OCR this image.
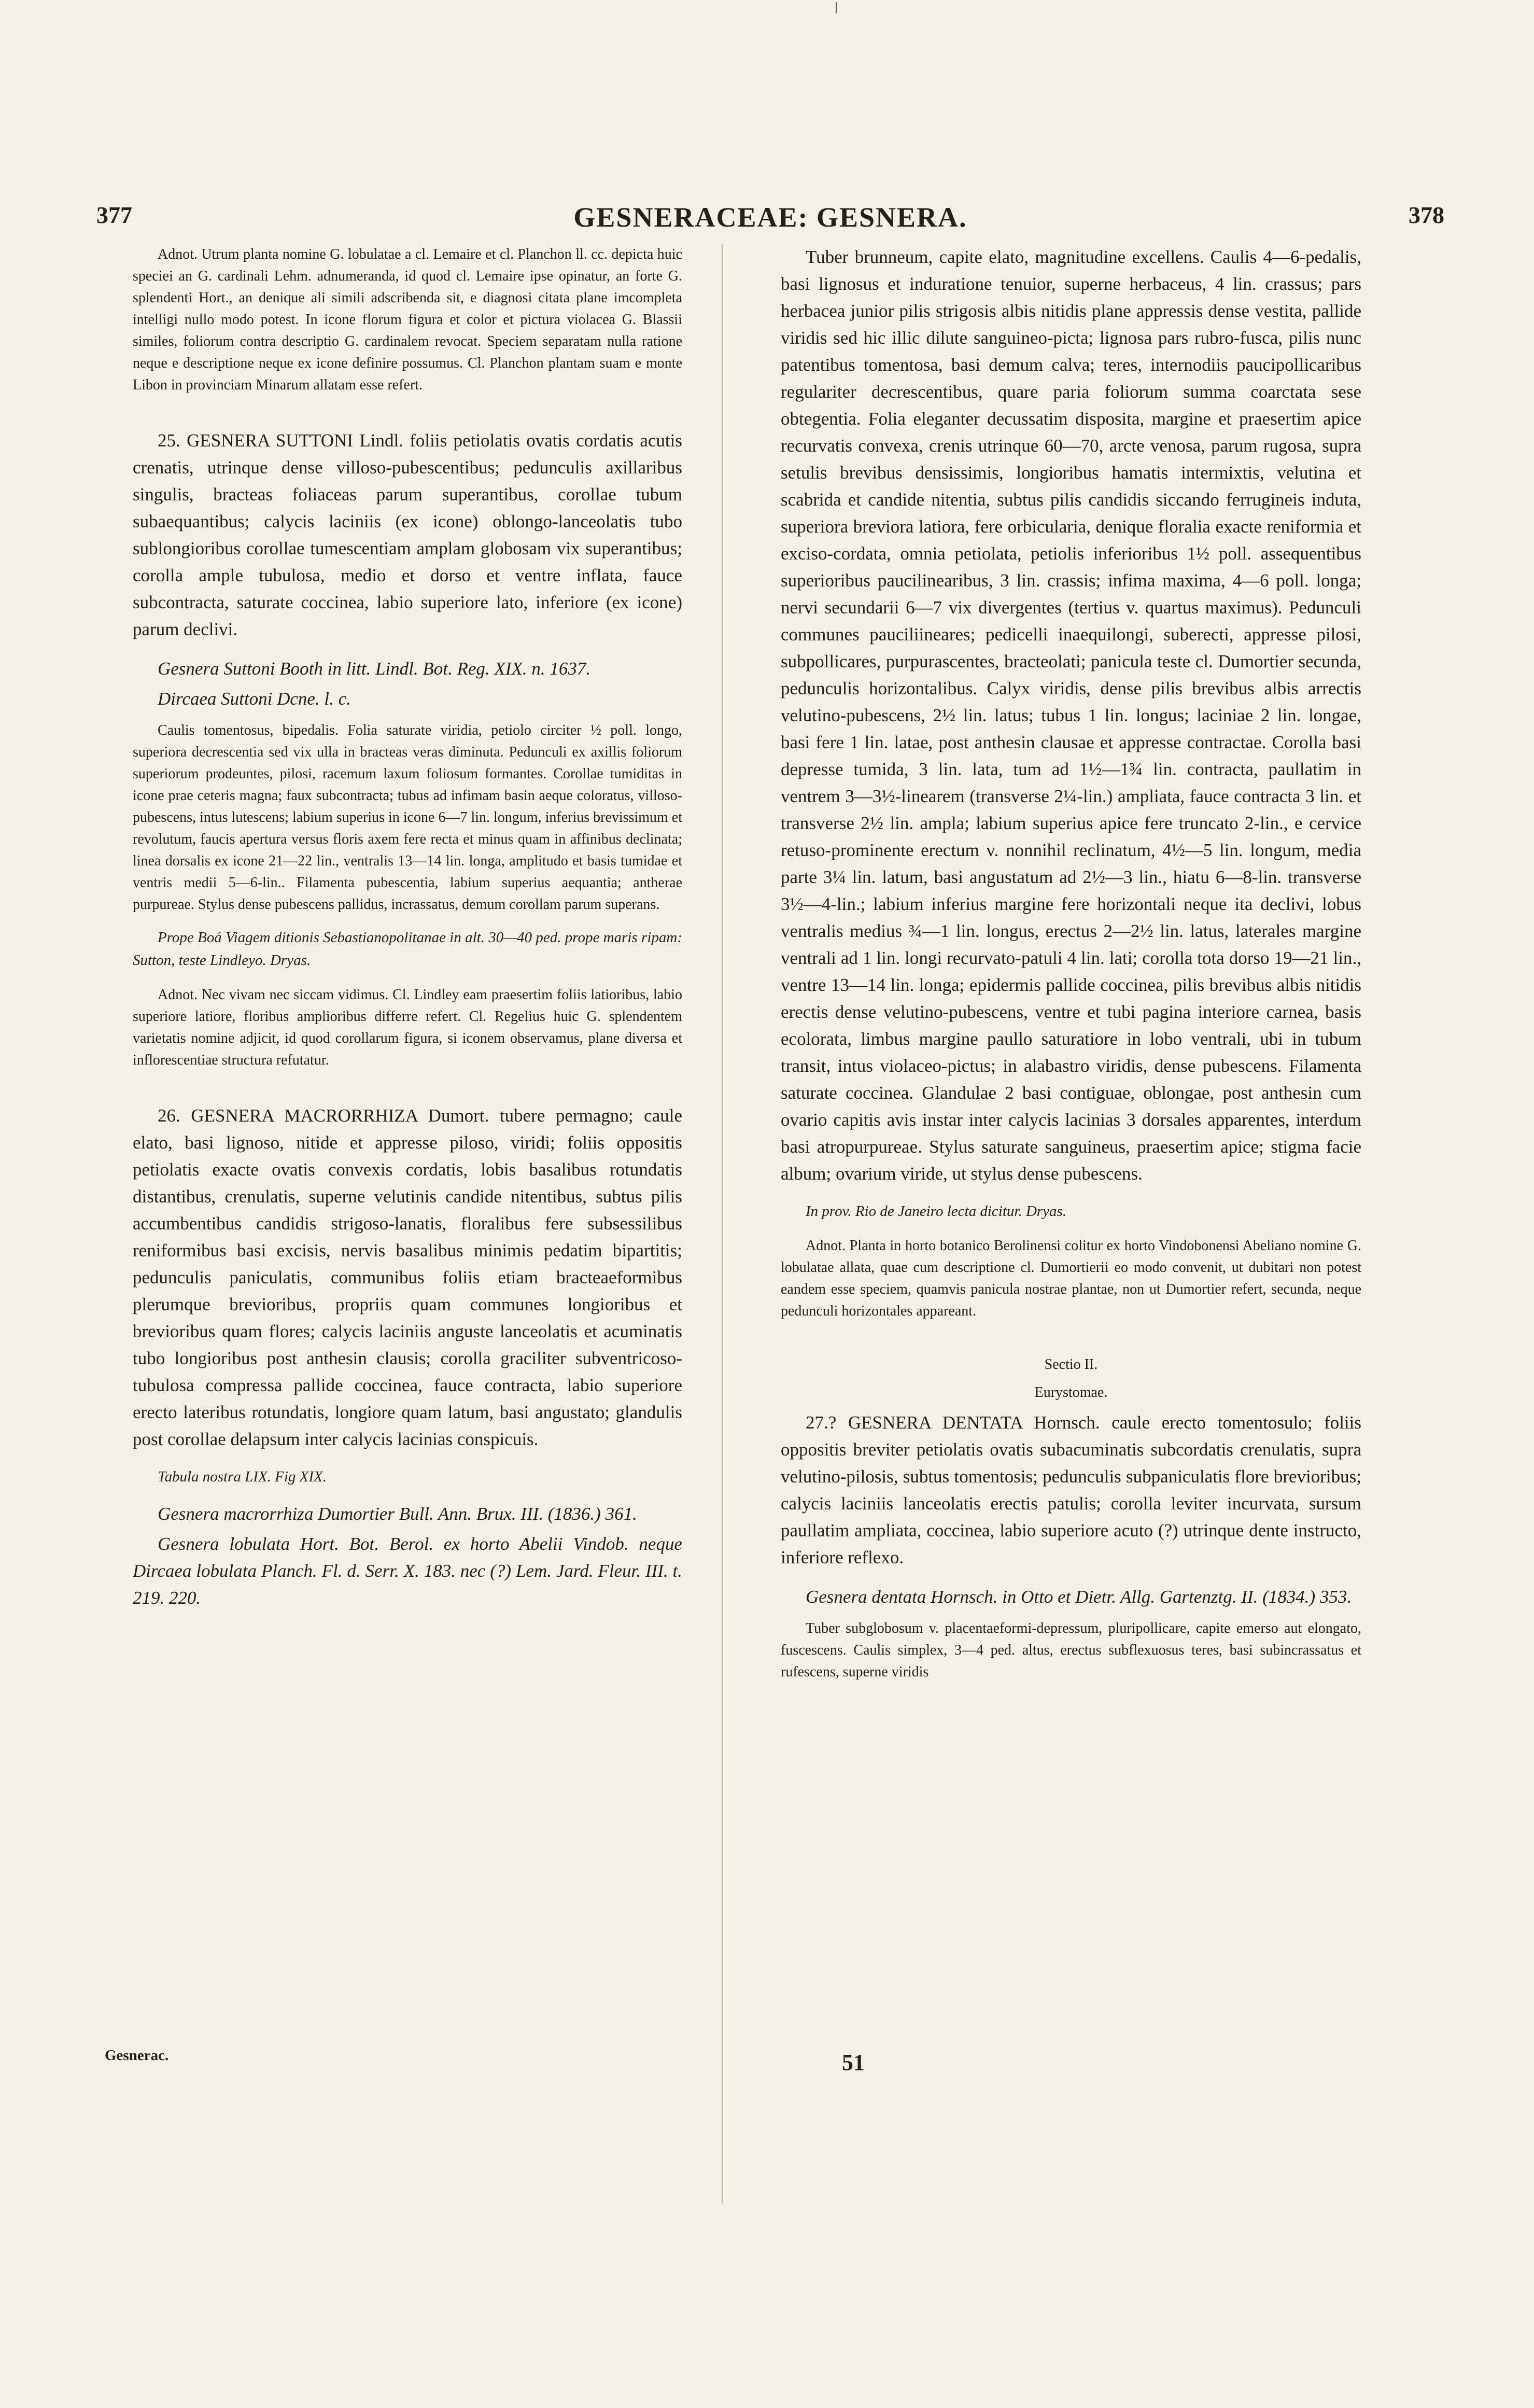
377	GESNERACEAE: GESNERA.	378

Adnot. Utrum planta nomine G. lobulatae a cl. Lemaire et cl. Planchon ll. cc. depicta huic speciei an G. cardinali Lehm. adnumeranda, id quod cl. Lemaire ipse opinatur, an forte G. splendenti Hort., an denique ali simili adscribenda sit, e diagnosi citata plane imcompleta intelligi nullo modo potest. In icone florum figura et color et pictura violacea G. Blassii similes, foliorum contra descriptio G. cardinalem revocat. Speciem separatam nulla ratione neque e descriptione neque ex icone definire possumus. Cl. Planchon plantam suam e monte Libon in provinciam Minarum allatam esse refert.

25. GESNERA SUTTONI Lindl. foliis petiolatis ovatis cordatis acutis crenatis, utrinque dense villoso-pubescentibus; pedunculis axillaribus singulis, bracteas foliaceas parum superantibus, corollae tubum subaequantibus; calycis laciniis (ex icone) oblongo-lanceolatis tubo sublongioribus corollae tumescentiam amplam globosam vix superantibus; corolla ample tubulosa, medio et dorso et ventre inflata, fauce subcontracta, saturate coccinea, labio superiore lato, inferiore (ex icone) parum declivi.

Gesnera Suttoni Booth in litt. Lindl. Bot. Reg. XIX. n. 1637.

Dircaea Suttoni Dcne. l. c.

Caulis tomentosus, bipedalis. Folia saturate viridia, petiolo circiter ½ poll. longo, superiora decrescentia sed vix ulla in bracteas veras diminuta. Pedunculi ex axillis foliorum superiorum prodeuntes, pilosi, racemum laxum foliosum formantes. Corollae tumiditas in icone prae ceteris magna; faux subcontracta; tubus ad infimam basin aeque coloratus, villoso-pubescens, intus lutescens; labium superius in icone 6—7 lin. longum, inferius brevissimum et revolutum, faucis apertura versus floris axem fere recta et minus quam in affinibus declinata; linea dorsalis ex icone 21—22 lin., ventralis 13—14 lin. longa, amplitudo et basis tumidae et ventris medii 5—6-lin.. Filamenta pubescentia, labium superius aequantia; antherae purpureae. Stylus dense pubescens pallidus, incrassatus, demum corollam parum superans.

Prope Boá Viagem ditionis Sebastianopolitanae in alt. 30—40 ped. prope maris ripam: Sutton, teste Lindleyo. Dryas.

Adnot. Nec vivam nec siccam vidimus. Cl. Lindley eam praesertim foliis latioribus, labio superiore latiore, floribus amplioribus differre refert. Cl. Regelius huic G. splendentem varietatis nomine adjicit, id quod corollarum figura, si iconem observamus, plane diversa et inflorescentiae structura refutatur.

26. GESNERA MACRORRHIZA Dumort. tubere permagno; caule elato, basi lignoso, nitide et appresse piloso, viridi; foliis oppositis petiolatis exacte ovatis convexis cordatis, lobis basalibus rotundatis distantibus, crenulatis, superne velutinis candide nitentibus, subtus pilis accumbentibus candidis strigoso-lanatis, floralibus fere subsessilibus reniformibus basi excisis, nervis basalibus minimis pedatim bipartitis; pedunculis paniculatis, communibus foliis etiam bracteaeformibus plerumque brevioribus, propriis quam communes longioribus et brevioribus quam flores; calycis laciniis anguste lanceolatis et acuminatis tubo longioribus post anthesin clausis; corolla graciliter subventricoso-tubulosa compressa pallide coccinea, fauce contracta, labio superiore erecto lateribus rotundatis, longiore quam latum, basi angustato; glandulis post corollae delapsum inter calycis lacinias conspicuis.

Tabula nostra LIX. Fig XIX.

Gesnera macrorrhiza Dumortier Bull. Ann. Brux. III. (1836.) 361.

Gesnera lobulata Hort. Bot. Berol. ex horto Abelii Vindob. neque Dircaea lobulata Planch. Fl. d. Serr. X. 183. nec (?) Lem. Jard. Fleur. III. t. 219. 220.

Tuber brunneum, capite elato, magnitudine excellens. Caulis 4—6-pedalis, basi lignosus et induratione tenuior, superne herbaceus, 4 lin. crassus; pars herbacea junior pilis strigosis albis nitidis plane appressis dense vestita, pallide viridis sed hic illic dilute sanguineo-picta; lignosa pars rubro-fusca, pilis nunc patentibus tomentosa, basi demum calva; teres, internodiis paucipollicaribus regulariter decrescentibus, quare paria foliorum summa coarctata sese obtegentia. Folia eleganter decussatim disposita, margine et praesertim apice recurvatis convexa, crenis utrinque 60—70, arcte venosa, parum rugosa, supra setulis brevibus densissimis, longioribus hamatis intermixtis, velutina et scabrida et candide nitentia, subtus pilis candidis siccando ferrugineis induta, superiora breviora latiora, fere orbicularia, denique floralia exacte reniformia et exciso-cordata, omnia petiolata, petiolis inferioribus 1½ poll. assequentibus superioribus paucilinearibus, 3 lin. crassis; infima maxima, 4—6 poll. longa; nervi secundarii 6—7 vix divergentes (tertius v. quartus maximus). Pedunculi communes pauciliineares; pedicelli inaequilongi, suberecti, appresse pilosi, subpollicares, purpurascentes, bracteolati; panicula teste cl. Dumortier secunda, pedunculis horizontalibus. Calyx viridis, dense pilis brevibus albis arrectis velutino-pubescens, 2½ lin. latus; tubus 1 lin. longus; laciniae 2 lin. longae, basi fere 1 lin. latae, post anthesin clausae et appresse contractae. Corolla basi depresse tumida, 3 lin. lata, tum ad 1½—1¾ lin. contracta, paullatim in ventrem 3—3½-linearem (transverse 2¼-lin.) ampliata, fauce contracta 3 lin. et transverse 2½ lin. ampla; labium superius apice fere truncato 2-lin., e cervice retuso-prominente erectum v. nonnihil reclinatum, 4½—5 lin. longum, media parte 3¼ lin. latum, basi angustatum ad 2½—3 lin., hiatu 6—8-lin. transverse 3½—4-lin.; labium inferius margine fere horizontali neque ita declivi, lobus ventralis medius ¾—1 lin. longus, erectus 2—2½ lin. latus, laterales margine ventrali ad 1 lin. longi recurvato-patuli 4 lin. lati; corolla tota dorso 19—21 lin., ventre 13—14 lin. longa; epidermis pallide coccinea, pilis brevibus albis nitidis erectis dense velutino-pubescens, ventre et tubi pagina interiore carnea, basis ecolorata, limbus margine paullo saturatiore in lobo ventrali, ubi in tubum transit, intus violaceo-pictus; in alabastro viridis, dense pubescens. Filamenta saturate coccinea. Glandulae 2 basi contiguae, oblongae, post anthesin cum ovario capitis avis instar inter calycis lacinias 3 dorsales apparentes, interdum basi atropurpureae. Stylus saturate sanguineus, praesertim apice; stigma facie album; ovarium viride, ut stylus dense pubescens.

In prov. Rio de Janeiro lecta dicitur. Dryas.

Adnot. Planta in horto botanico Berolinensi colitur ex horto Vindobonensi Abeliano nomine G. lobulatae allata, quae cum descriptione cl. Dumortierii eo modo convenit, ut dubitari non potest eandem esse speciem, quamvis panicula nostrae plantae, non ut Dumortier refert, secunda, neque pedunculi horizontales appareant.

Sectio II.

Eurystomae.

27.? GESNERA DENTATA Hornsch. caule erecto tomentosulo; foliis oppositis breviter petiolatis ovatis subacuminatis subcordatis crenulatis, supra velutino-pilosis, subtus tomentosis; pedunculis subpaniculatis flore brevioribus; calycis laciniis lanceolatis erectis patulis; corolla leviter incurvata, sursum paullatim ampliata, coccinea, labio superiore acuto (?) utrinque dente instructo, inferiore reflexo.

Gesnera dentata Hornsch. in Otto et Dietr. Allg. Gartenztg. II. (1834.) 353.

Tuber subglobosum v. placentaeformi-depressum, pluripollicare, capite emerso aut elongato, fuscescens. Caulis simplex, 3—4 ped. altus, erectus subflexuosus teres, basi subincrassatus et rufescens, superne viridis

Gesnerac.	51
